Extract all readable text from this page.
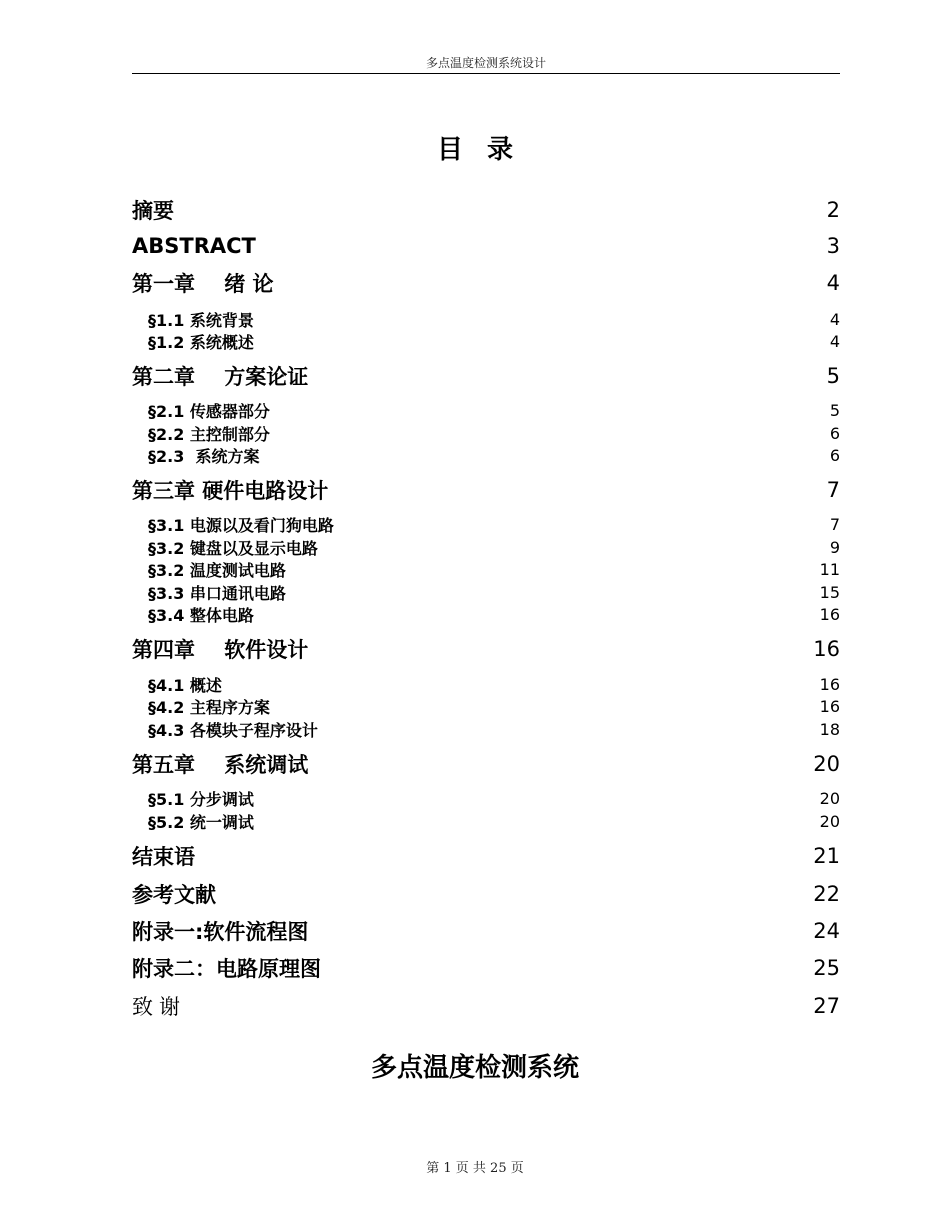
多点温度检测系统设计
目 录
摘要	2
ABSTRACT	3
第一章    绪 论	4
§1.1 系统背景	4
§1.2 系统概述	4
第二章    方案论证	5
§2.1 传感器部分	5
§2.2 主控制部分	6
§2.3  系统方案	6
第三章 硬件电路设计	7
§3.1 电源以及看门狗电路	7
§3.2 键盘以及显示电路	9
§3.2 温度测试电路	11
§3.3 串口通讯电路	15
§3.4 整体电路	16
第四章    软件设计	16
§4.1 概述	16
§4.2 主程序方案	16
§4.3 各模块子程序设计	18
第五章    系统调试	20
§5.1 分步调试	20
§5.2 统一调试	20
结束语	21
参考文献	22
附录一:软件流程图	24
附录二：电路原理图	25
致谢	27
多点温度检测系统
第 1 页 共 25 页
